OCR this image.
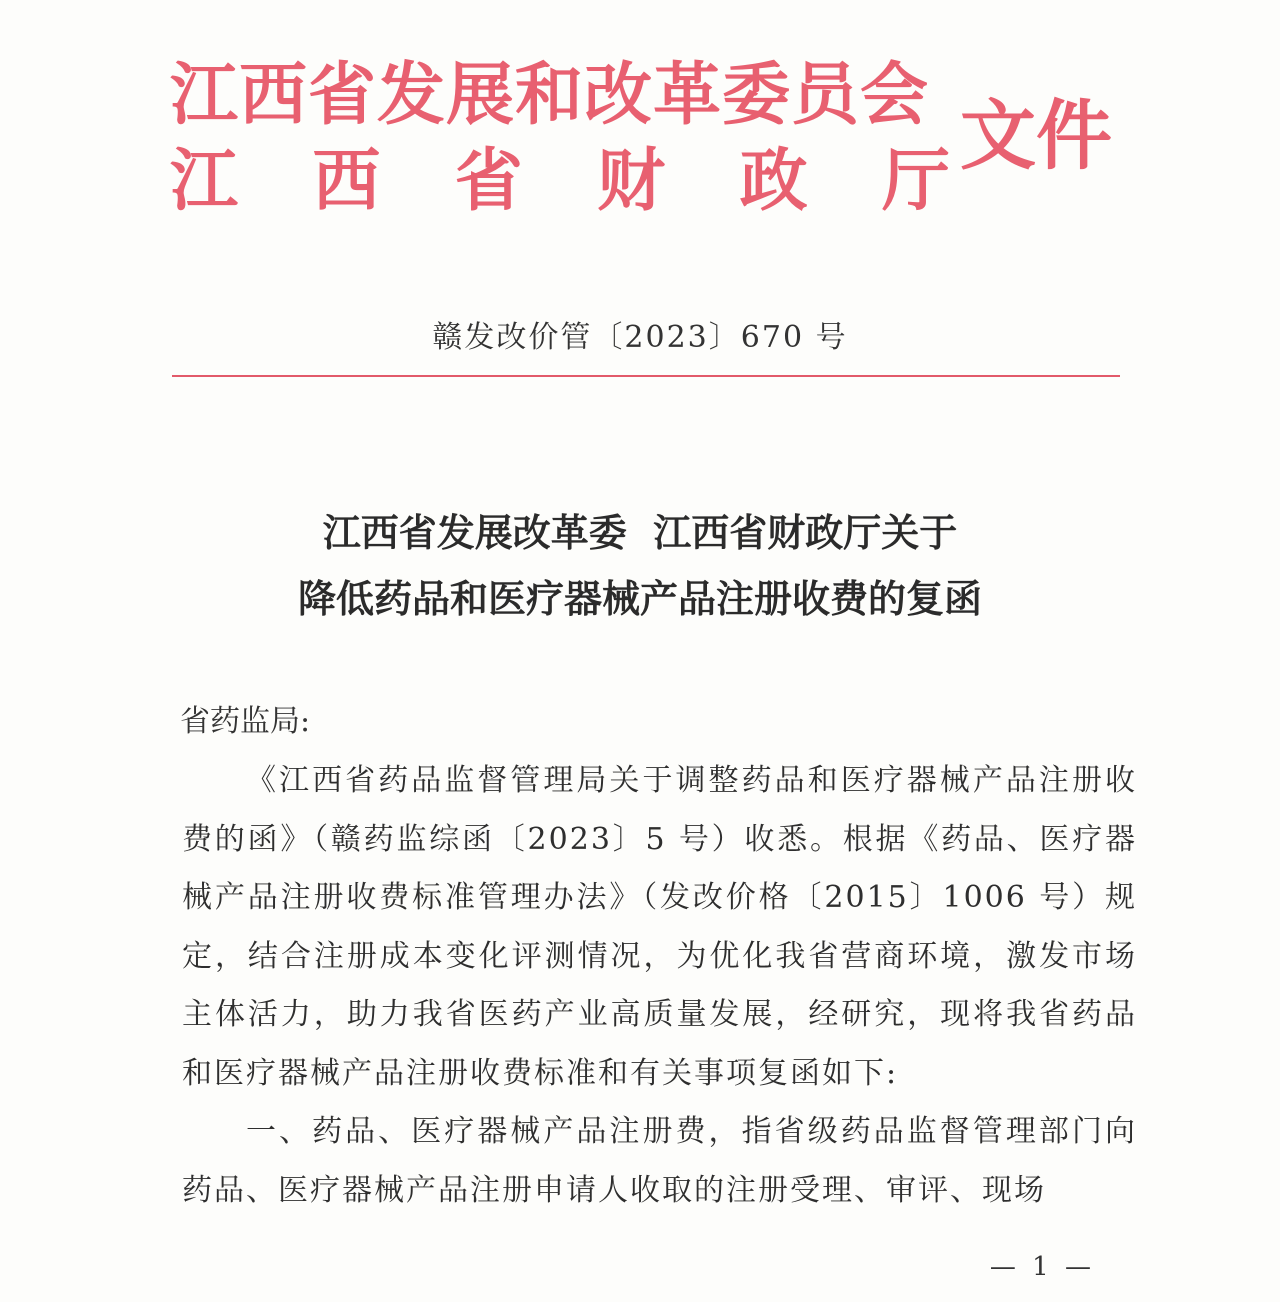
江西省发展和改革委员会
江 西 省 财 政 厅
文件
赣发改价管〔2023〕670 号
江西省发展改革委  江西省财政厅关于
降低药品和医疗器械产品注册收费的复函
省药监局:

《江西省药品监督管理局关于调整药品和医疗器械产品注册收费的函》（赣药监综函〔2023〕5 号）收悉。根据《药品、医疗器械产品注册收费标准管理办法》（发改价格〔2015〕1006 号）规定，结合注册成本变化评测情况，为优化我省营商环境，激发市场主体活力，助力我省医药产业高质量发展，经研究，现将我省药品和医疗器械产品注册收费标准和有关事项复函如下:

一、药品、医疗器械产品注册费，指省级药品监督管理部门向药品、医疗器械产品注册申请人收取的注册受理、审评、现场

— 1 —
